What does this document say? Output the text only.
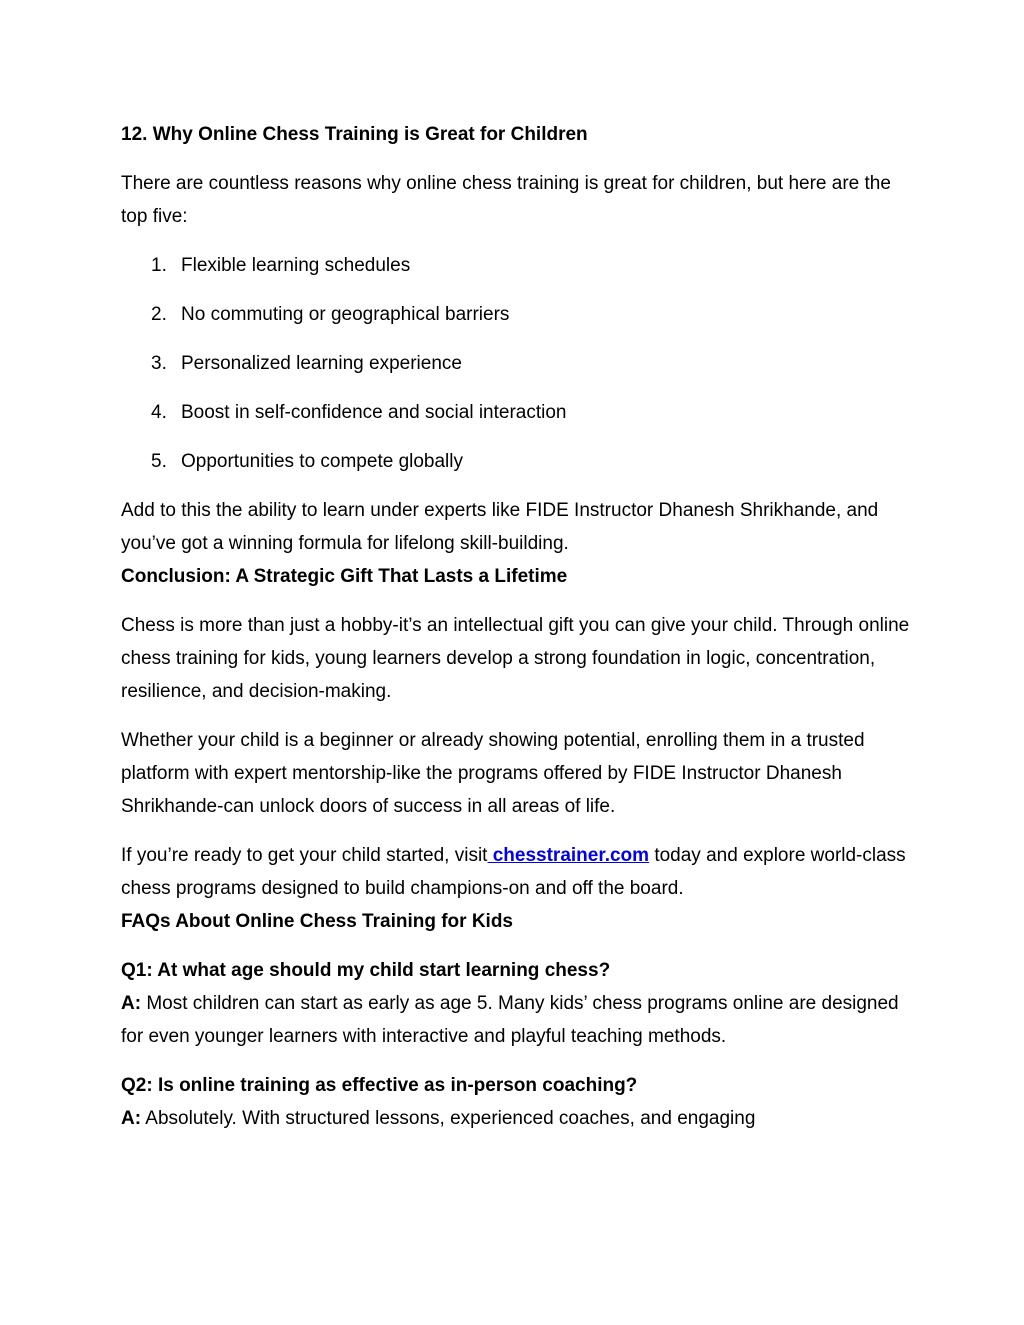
12. Why Online Chess Training is Great for Children

There are countless reasons why online chess training is great for children, but here are the top five:

1. Flexible learning schedules
2. No commuting or geographical barriers
3. Personalized learning experience
4. Boost in self-confidence and social interaction
5. Opportunities to compete globally

Add to this the ability to learn under experts like FIDE Instructor Dhanesh Shrikhande, and you’ve got a winning formula for lifelong skill-building.

Conclusion: A Strategic Gift That Lasts a Lifetime

Chess is more than just a hobby-it’s an intellectual gift you can give your child. Through online chess training for kids, young learners develop a strong foundation in logic, concentration, resilience, and decision-making.

Whether your child is a beginner or already showing potential, enrolling them in a trusted platform with expert mentorship-like the programs offered by FIDE Instructor Dhanesh Shrikhande-can unlock doors of success in all areas of life.

If you’re ready to get your child started, visit chesstrainer.com today and explore world-class chess programs designed to build champions-on and off the board.

FAQs About Online Chess Training for Kids
Q1: At what age should my child start learning chess?
A: Most children can start as early as age 5. Many kids’ chess programs online are designed for even younger learners with interactive and playful teaching methods.
Q2: Is online training as effective as in-person coaching?
A: Absolutely. With structured lessons, experienced coaches, and engaging
